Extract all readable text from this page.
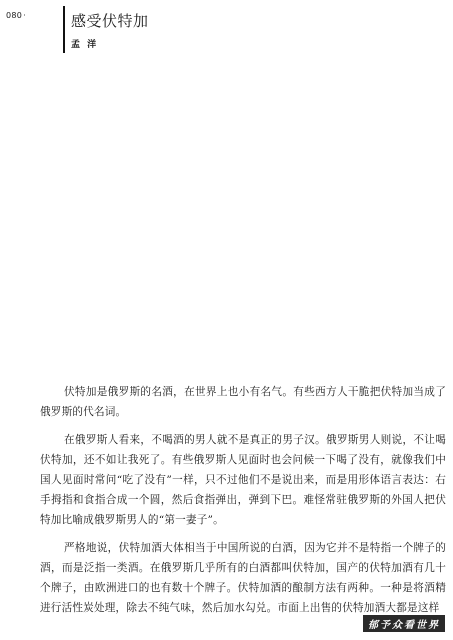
080·	感受伏特加
孟 洋

伏特加是俄罗斯的名酒，在世界上也小有名气。有些西方人干脆把伏特加当成了俄罗斯的代名词。

在俄罗斯人看来，不喝酒的男人就不是真正的男子汉。俄罗斯男人则说，不让喝伏特加，还不如让我死了。有些俄罗斯人见面时也会问候一下喝了没有，就像我们中国人见面时常问“吃了没有”一样，只不过他们不是说出来，而是用形体语言表达：右手拇指和食指合成一个圆，然后食指弹出，弹到下巴。难怪常驻俄罗斯的外国人把伏特加比喻成俄罗斯男人的“第一妻子”。

严格地说，伏特加酒大体相当于中国所说的白酒，因为它并不是特指一个牌子的酒，而是泛指一类酒。在俄罗斯几乎所有的白酒都叫伏特加，国产的伏特加酒有几十个牌子，由欧洲进口的也有数十个牌子。伏特加酒的酿制方法有两种。一种是将酒精进行活性炭处理，除去不纯气味，然后加水勾兑。市面上出售的伏特加酒大都是这样

郁予众看世界
